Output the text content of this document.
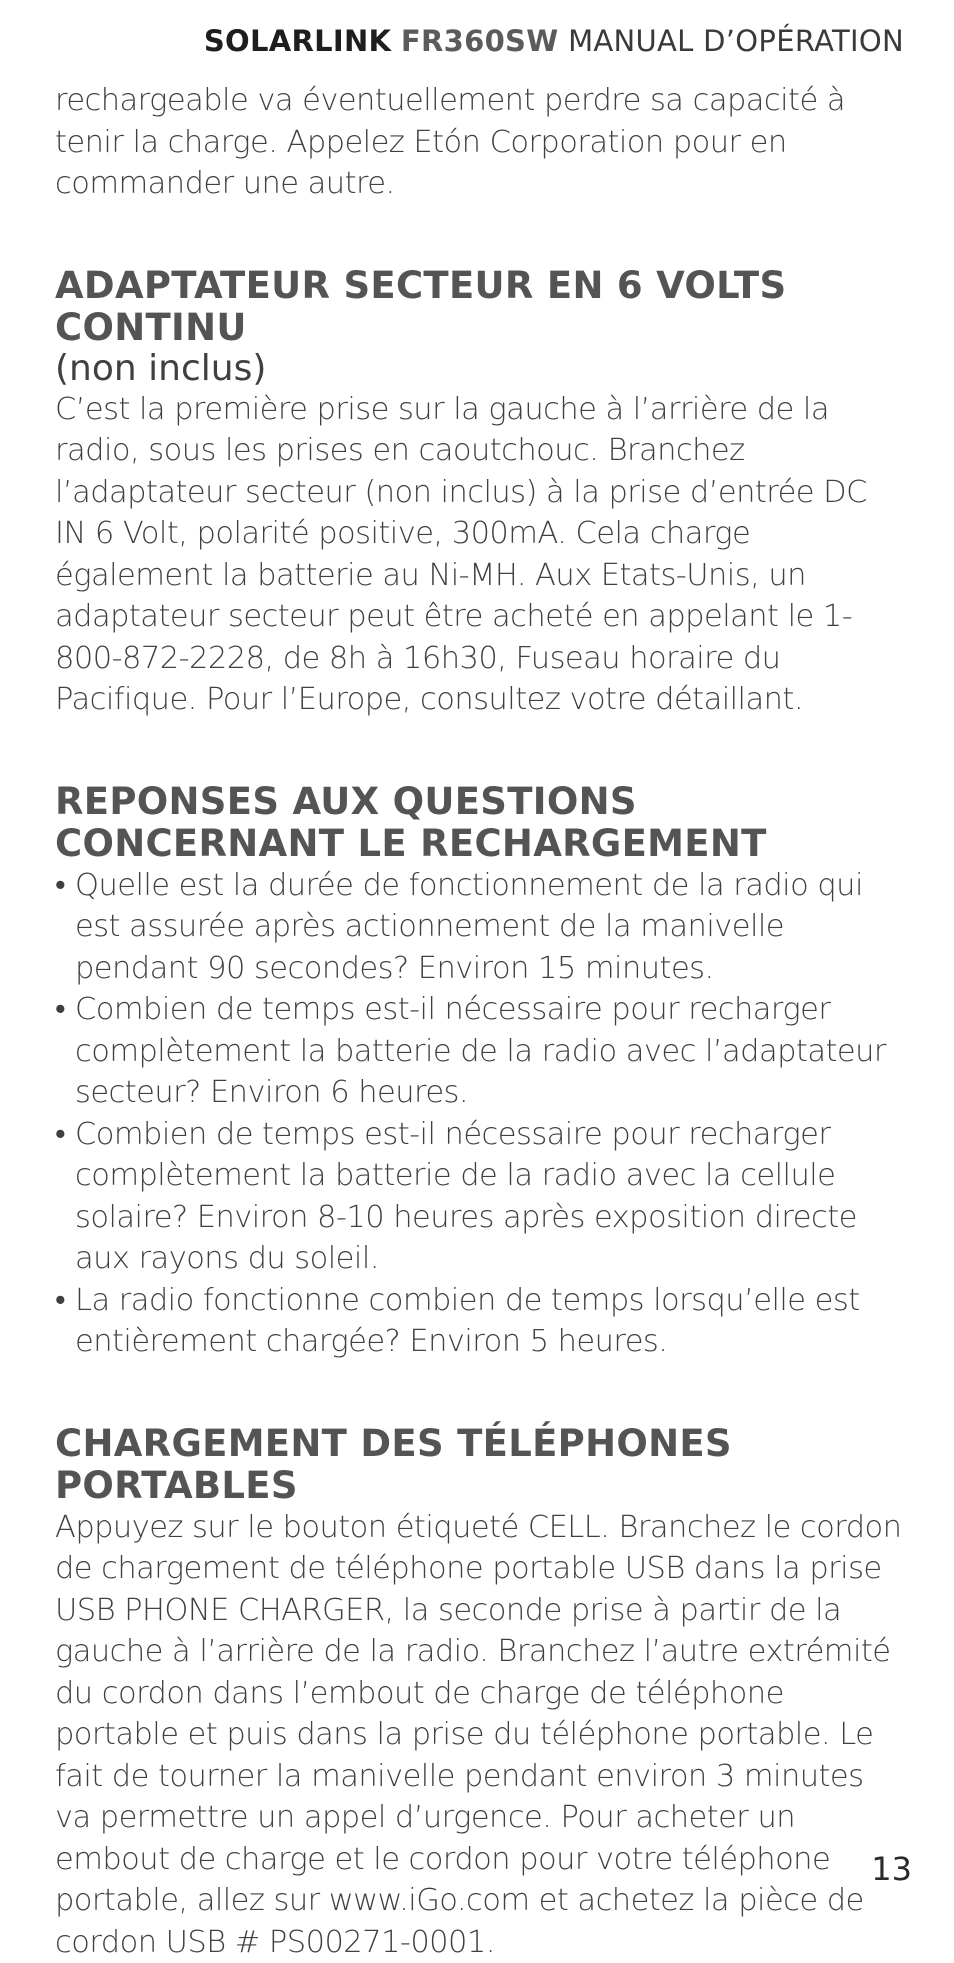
SOLARLINK FR360SW MANUAL D’OPÉRATION

rechargeable va éventuellement perdre sa capacité à tenir la charge. Appelez Etón Corporation pour en commander une autre.

ADAPTATEUR SECTEUR EN 6 VOLTS CONTINU
(non inclus)

C’est la première prise sur la gauche à l’arrière de la radio, sous les prises en caoutchouc. Branchez l’adaptateur secteur (non inclus) à la prise d’entrée DC IN 6 Volt, polarité positive, 300mA. Cela charge également la batterie au Ni-MH. Aux Etats-Unis, un adaptateur secteur peut être acheté en appelant le 1-800-872-2228, de 8h à 16h30, Fuseau horaire du Pacifique. Pour l’Europe, consultez votre détaillant.

REPONSES AUX QUESTIONS CONCERNANT LE RECHARGEMENT
• Quelle est la durée de fonctionnement de la radio qui est assurée après actionnement de la manivelle pendant 90 secondes? Environ 15 minutes.
• Combien de temps est-il nécessaire pour recharger complètement la batterie de la radio avec l’adaptateur secteur? Environ 6 heures.
• Combien de temps est-il nécessaire pour recharger complètement la batterie de la radio avec la cellule solaire? Environ 8-10 heures après exposition directe aux rayons du soleil.
• La radio fonctionne combien de temps lorsqu’elle est entièrement chargée? Environ 5 heures.
CHARGEMENT DES TÉLÉPHONES PORTABLES

Appuyez sur le bouton étiqueté CELL. Branchez le cordon de chargement de téléphone portable USB dans la prise USB PHONE CHARGER, la seconde prise à partir de la gauche à l’arrière de la radio. Branchez l’autre extrémité du cordon dans l’embout de charge de téléphone portable et puis dans la prise du téléphone portable. Le fait de tourner la manivelle pendant environ 3 minutes va permettre un appel d’urgence. Pour acheter un embout de charge et le cordon pour votre téléphone portable, allez sur www.iGo.com et achetez la pièce de cordon USB # PS00271-0001.

13
